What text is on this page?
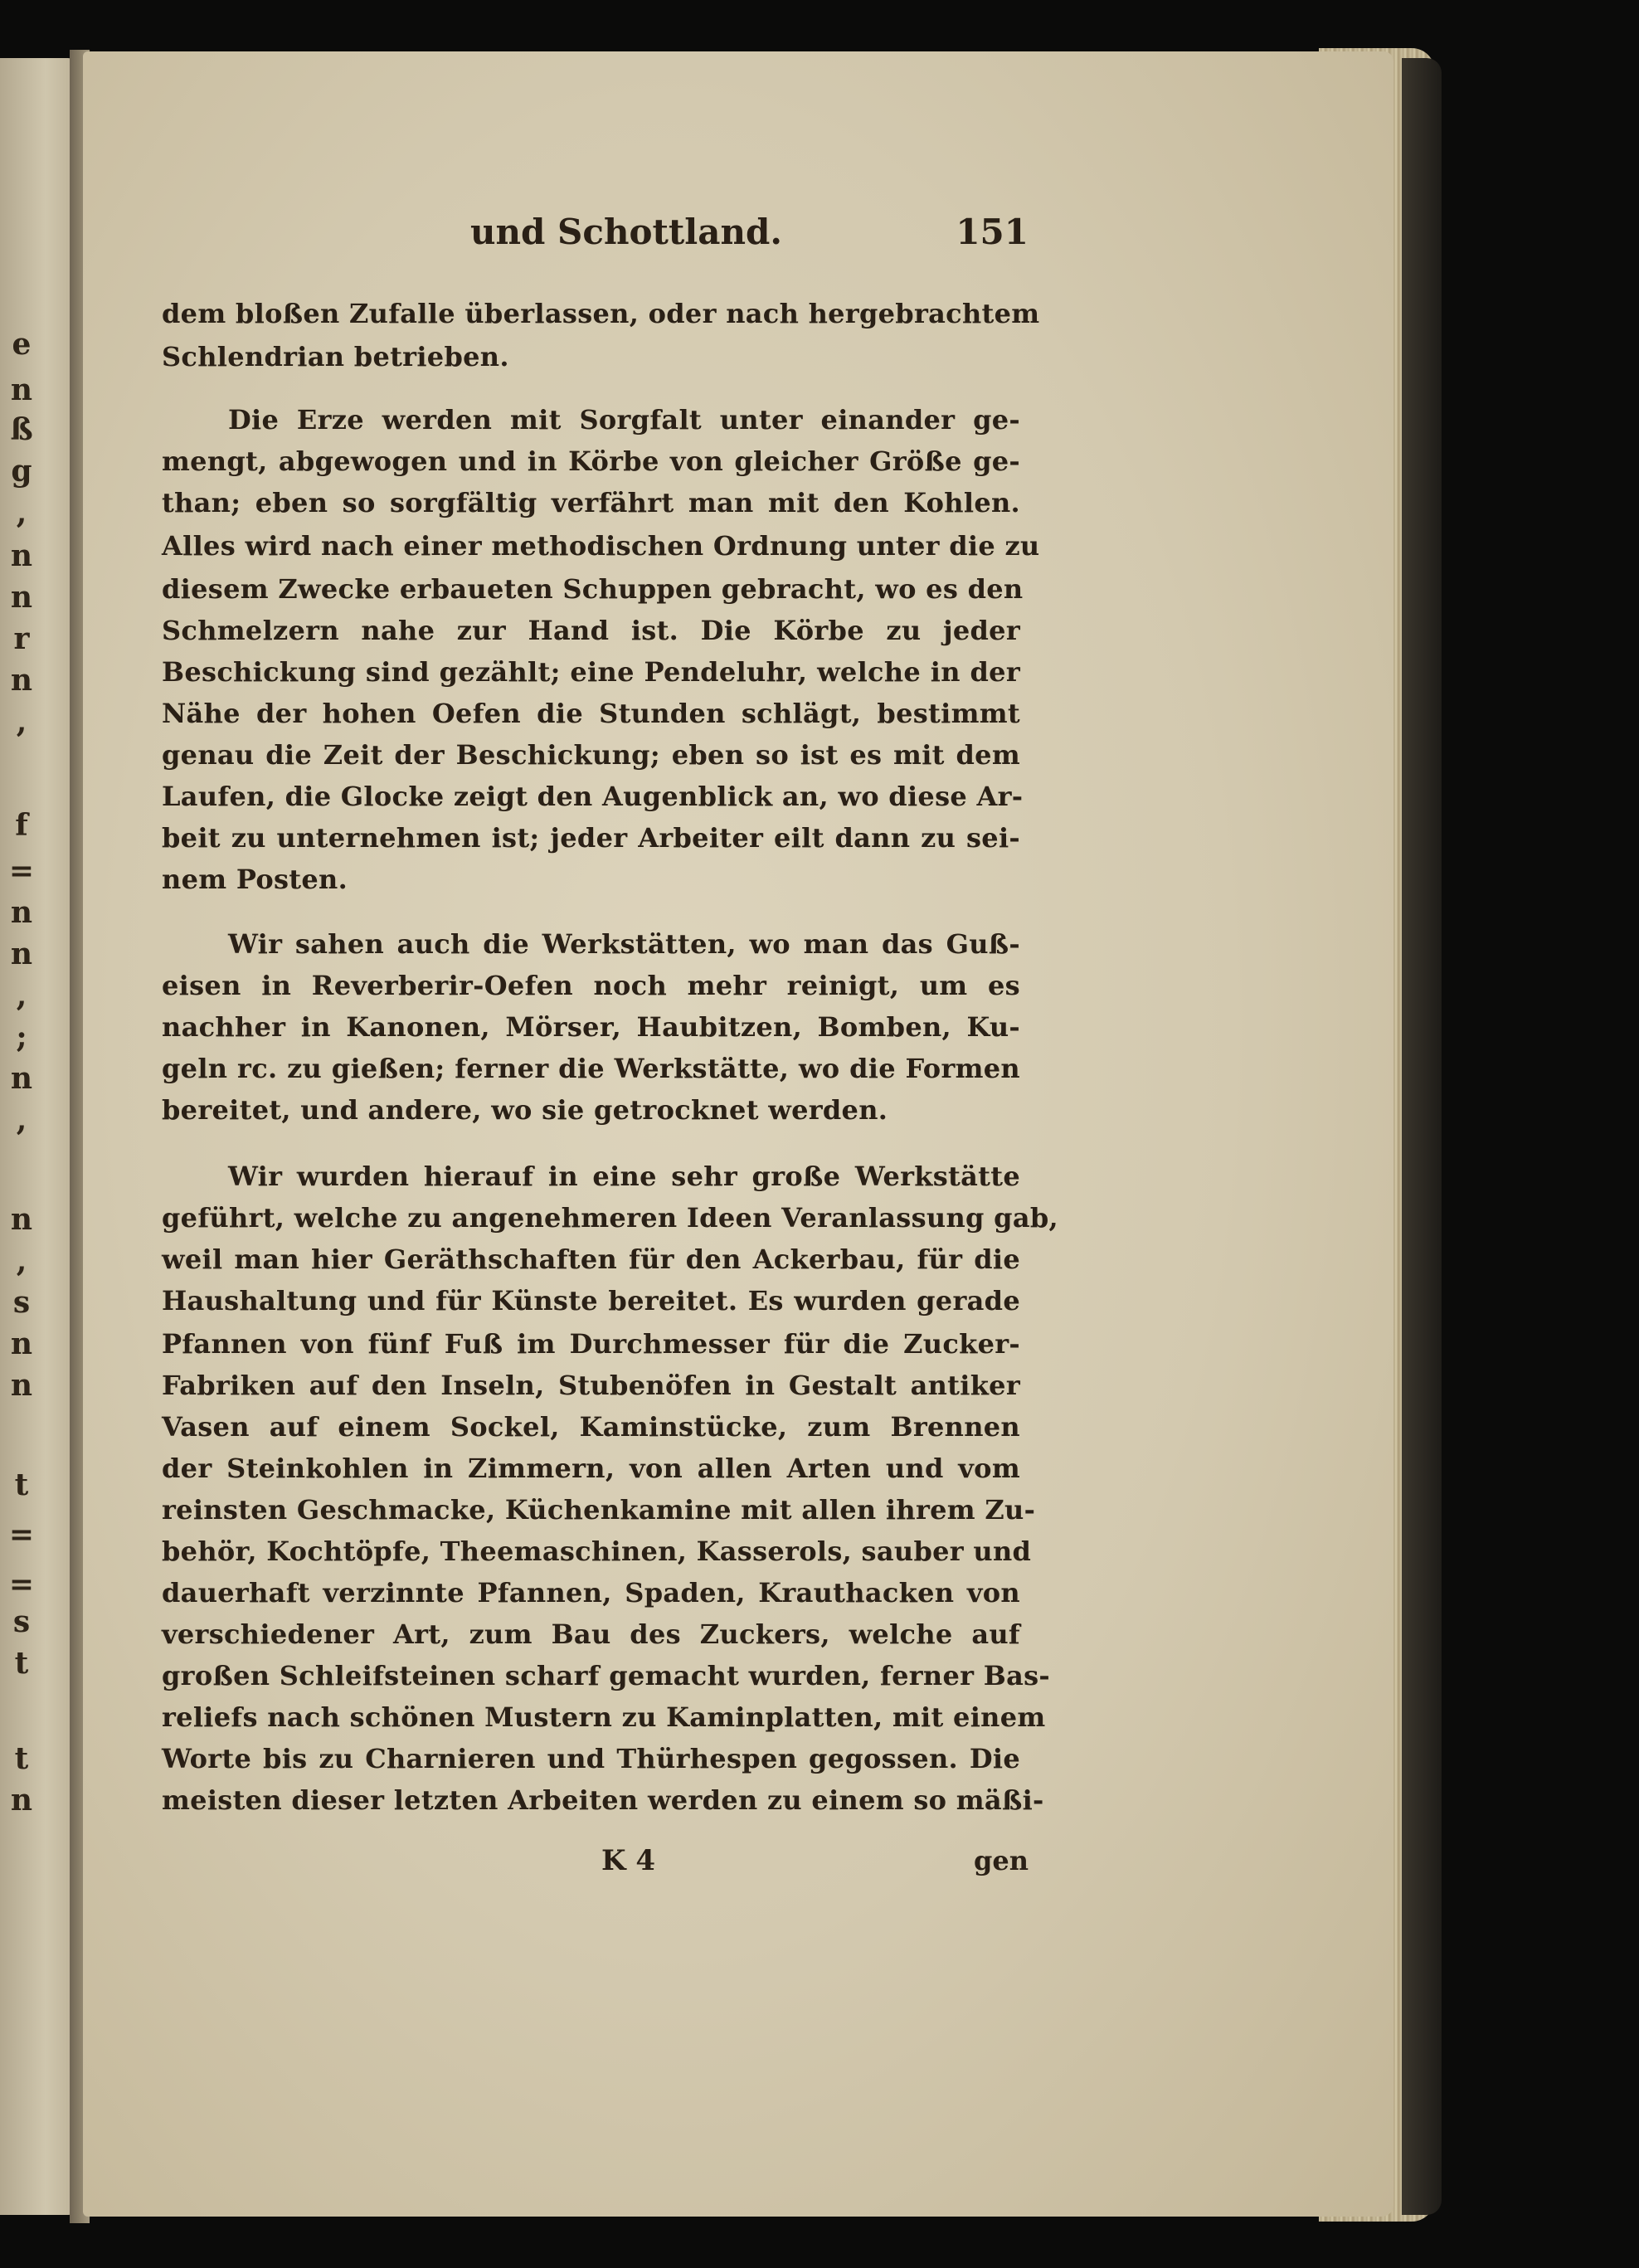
e
n
ß
g
,
n
n
r
n
,
f
=
n
n
,
;
n
,
n
,
s
n
n
t
=
=
s
t
t
n
und Schottland.	151
dem bloßen Zufalle überlassen, oder nach hergebrachtem
Schlendrian betrieben.
Die Erze werden mit Sorgfalt unter einander ge-
mengt, abgewogen und in Körbe von gleicher Größe ge-
than; eben so sorgfältig verfährt man mit den Kohlen.
Alles wird nach einer methodischen Ordnung unter die zu
diesem Zwecke erbaueten Schuppen gebracht, wo es den
Schmelzern nahe zur Hand ist. Die Körbe zu jeder
Beschickung sind gezählt; eine Pendeluhr, welche in der
Nähe der hohen Oefen die Stunden schlägt, bestimmt
genau die Zeit der Beschickung; eben so ist es mit dem
Laufen, die Glocke zeigt den Augenblick an, wo diese Ar-
beit zu unternehmen ist; jeder Arbeiter eilt dann zu sei-
nem Posten.
Wir sahen auch die Werkstätten, wo man das Guß-
eisen in Reverberir-Oefen noch mehr reinigt, um es
nachher in Kanonen, Mörser, Haubitzen, Bomben, Ku-
geln rc. zu gießen; ferner die Werkstätte, wo die Formen
bereitet, und andere, wo sie getrocknet werden.
Wir wurden hierauf in eine sehr große Werkstätte
geführt, welche zu angenehmeren Ideen Veranlassung gab,
weil man hier Geräthschaften für den Ackerbau, für die
Haushaltung und für Künste bereitet. Es wurden gerade
Pfannen von fünf Fuß im Durchmesser für die Zucker-
Fabriken auf den Inseln, Stubenöfen in Gestalt antiker
Vasen auf einem Sockel, Kaminstücke, zum Brennen
der Steinkohlen in Zimmern, von allen Arten und vom
reinsten Geschmacke, Küchenkamine mit allen ihrem Zu-
behör, Kochtöpfe, Theemaschinen, Kasserols, sauber und
dauerhaft verzinnte Pfannen, Spaden, Krauthacken von
verschiedener Art, zum Bau des Zuckers, welche auf
großen Schleifsteinen scharf gemacht wurden, ferner Bas-
reliefs nach schönen Mustern zu Kaminplatten, mit einem
Worte bis zu Charnieren und Thürhespen gegossen. Die
meisten dieser letzten Arbeiten werden zu einem so mäßi-
K 4	gen
